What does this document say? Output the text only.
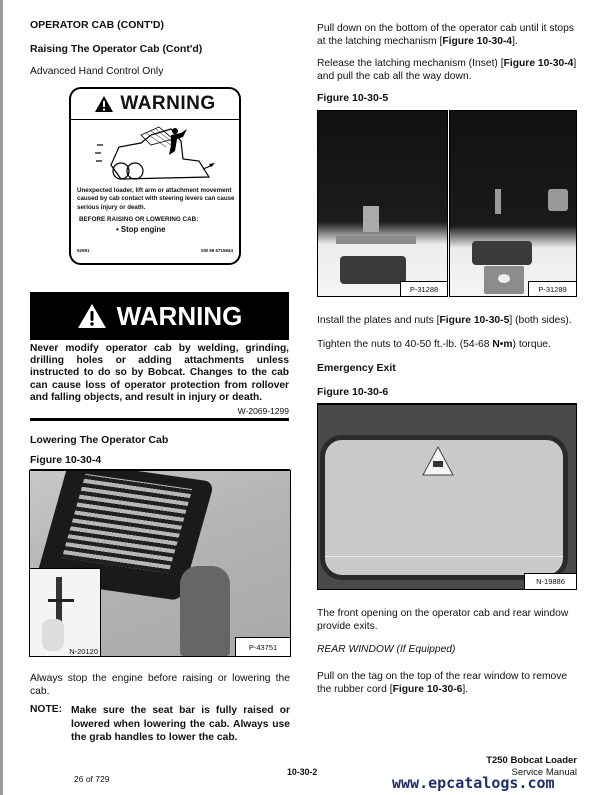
OPERATOR CAB (CONT'D)
Raising The Operator Cab (Cont'd)
Advanced Hand Control Only
WARNING
Unexpected loader, lift arm or attachment movement caused by cab contact with steering levers can cause serious injury or death.
BEFORE RAISING OR LOWERING CAB:
• Stop engine
52591	SW 96 6715944
WARNING
Never modify operator cab by welding, grinding, drilling holes or adding attachments unless instructed to do so by Bobcat. Changes to the cab can cause loss of operator protection from rollover and falling objects, and result in injury or death.
W-2069-1299
Lowering The Operator Cab
Figure 10-30-4
N-20120	P-43751
Always stop the engine before raising or lowering the cab.
NOTE: Make sure the seat bar is fully raised or lowered when lowering the cab. Always use the grab handles to lower the cab.
Pull down on the bottom of the operator cab until it stops at the latching mechanism [Figure 10-30-4].
Release the latching mechanism (Inset) [Figure 10-30-4] and pull the cab all the way down.
Figure 10-30-5
P-31288	P-31289
Install the plates and nuts [Figure 10-30-5] (both sides).
Tighten the nuts to 40-50 ft.-lb. (54-68 N•m) torque.
Emergency Exit
Figure 10-30-6
N-19886
The front opening on the operator cab and rear window provide exits.
REAR WINDOW (If Equipped)
Pull on the tag on the top of the rear window to remove the rubber cord [Figure 10-30-6].
26 of 729
10-30-2
T250 Bobcat Loader
Service Manual
www.epcatalogs.com
